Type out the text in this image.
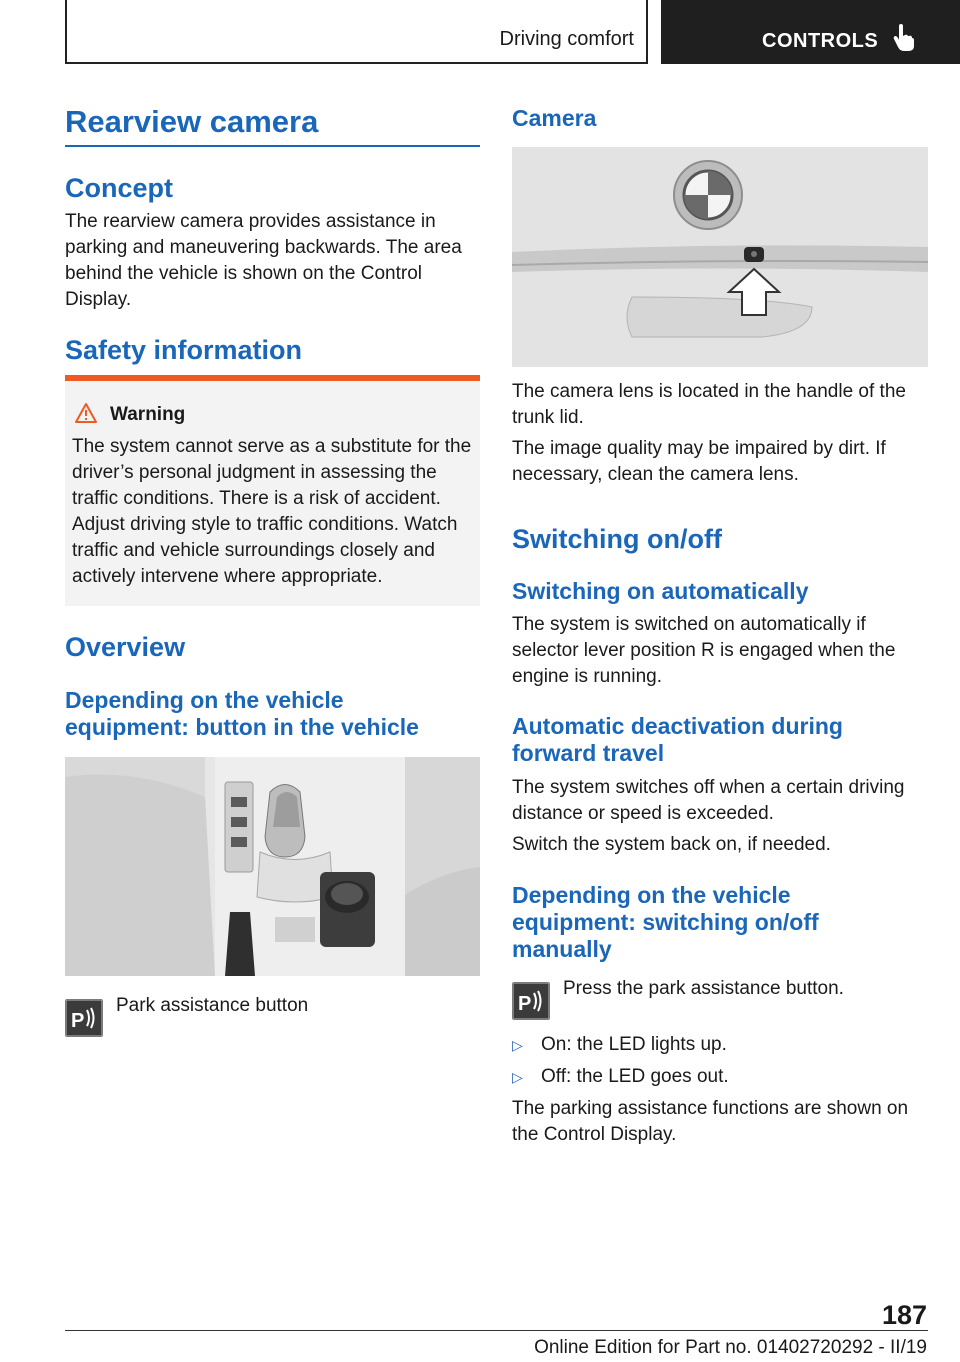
Driving comfort	CONTROLS
Rearview camera
Concept
The rearview camera provides assistance in parking and maneuvering backwards. The area behind the vehicle is shown on the Control Display.
Safety information
Warning
The system cannot serve as a substitute for the driver’s personal judgment in assessing the traffic conditions. There is a risk of accident. Adjust driving style to traffic conditions. Watch traffic and vehicle surroundings closely and actively intervene where appropriate.
Overview
Depending on the vehicle equipment: button in the vehicle
P
Park assistance button
Camera
The camera lens is located in the handle of the trunk lid.
The image quality may be impaired by dirt. If necessary, clean the camera lens.
Switching on/off
Switching on automatically
The system is switched on automatically if selector lever position R is engaged when the engine is running.
Automatic deactivation during forward travel
The system switches off when a certain driving distance or speed is exceeded.
Switch the system back on, if needed.
Depending on the vehicle equipment: switching on/off manually
P
Press the park assistance button.
▷ On: the LED lights up.
▷ Off: the LED goes out.
The parking assistance functions are shown on the Control Display.
187
Online Edition for Part no. 01402720292 - II/19
